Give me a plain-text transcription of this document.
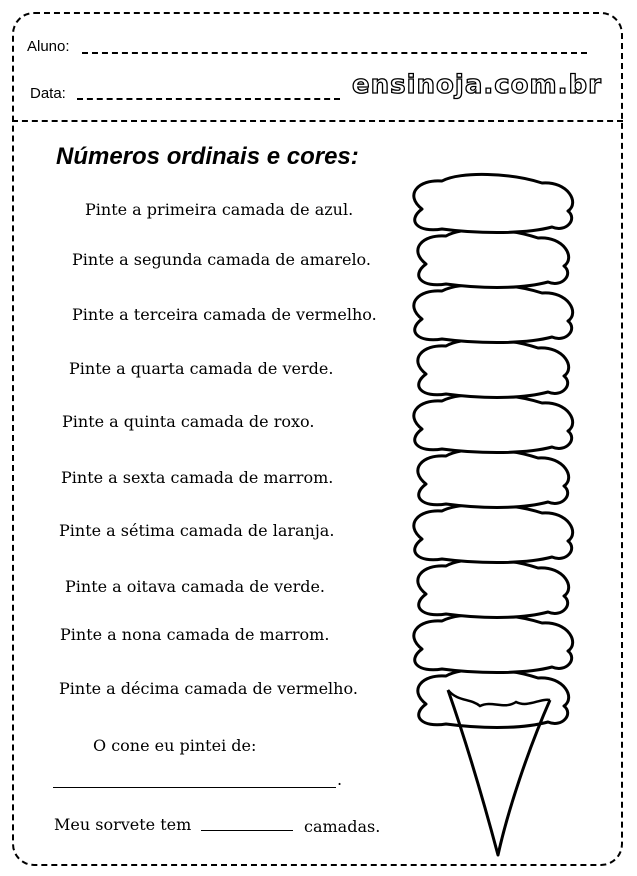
Aluno:
Data:	ensinoja.com.br
Números ordinais e cores:
Pinte a primeira camada de azul.
Pinte a segunda camada de amarelo.
Pinte a terceira camada de vermelho.
Pinte a quarta camada de verde.
Pinte a quinta camada de roxo.
Pinte a sexta camada de marrom.
Pinte a sétima camada de laranja.
Pinte a oitava camada de verde.
Pinte a nona camada de marrom.
Pinte a décima camada de vermelho.
O cone eu pintei de:
.
Meu sorvete tem	camadas.
